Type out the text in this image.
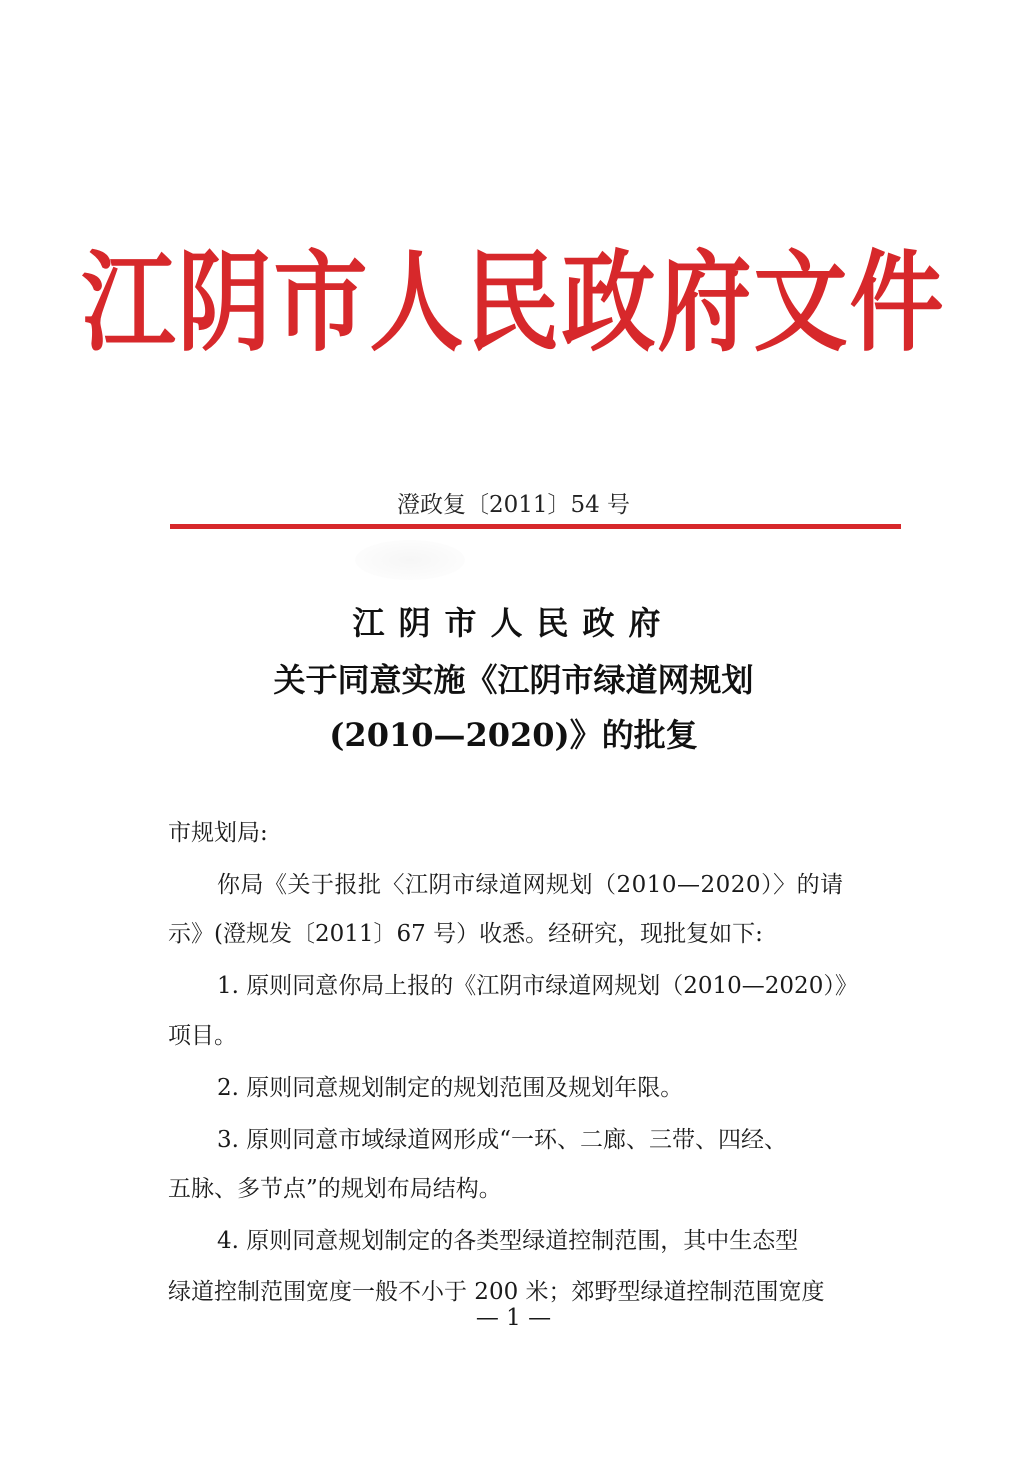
江阴市人民政府文件
澄政复〔2011〕54 号
江阴市人民政府
关于同意实施《江阴市绿道网规划
(2010—2020)》的批复
市规划局:
你局《关于报批〈江阴市绿道网规划（2010—2020）〉的请
示》(澄规发〔2011〕67 号）收悉。经研究，现批复如下:
1. 原则同意你局上报的《江阴市绿道网规划（2010—2020）》
项目。
2. 原则同意规划制定的规划范围及规划年限。
3. 原则同意市域绿道网形成“一环、二廊、三带、四经、
五脉、多节点”的规划布局结构。
4. 原则同意规划制定的各类型绿道控制范围，其中生态型
绿道控制范围宽度一般不小于 200 米；郊野型绿道控制范围宽度
— 1 —
